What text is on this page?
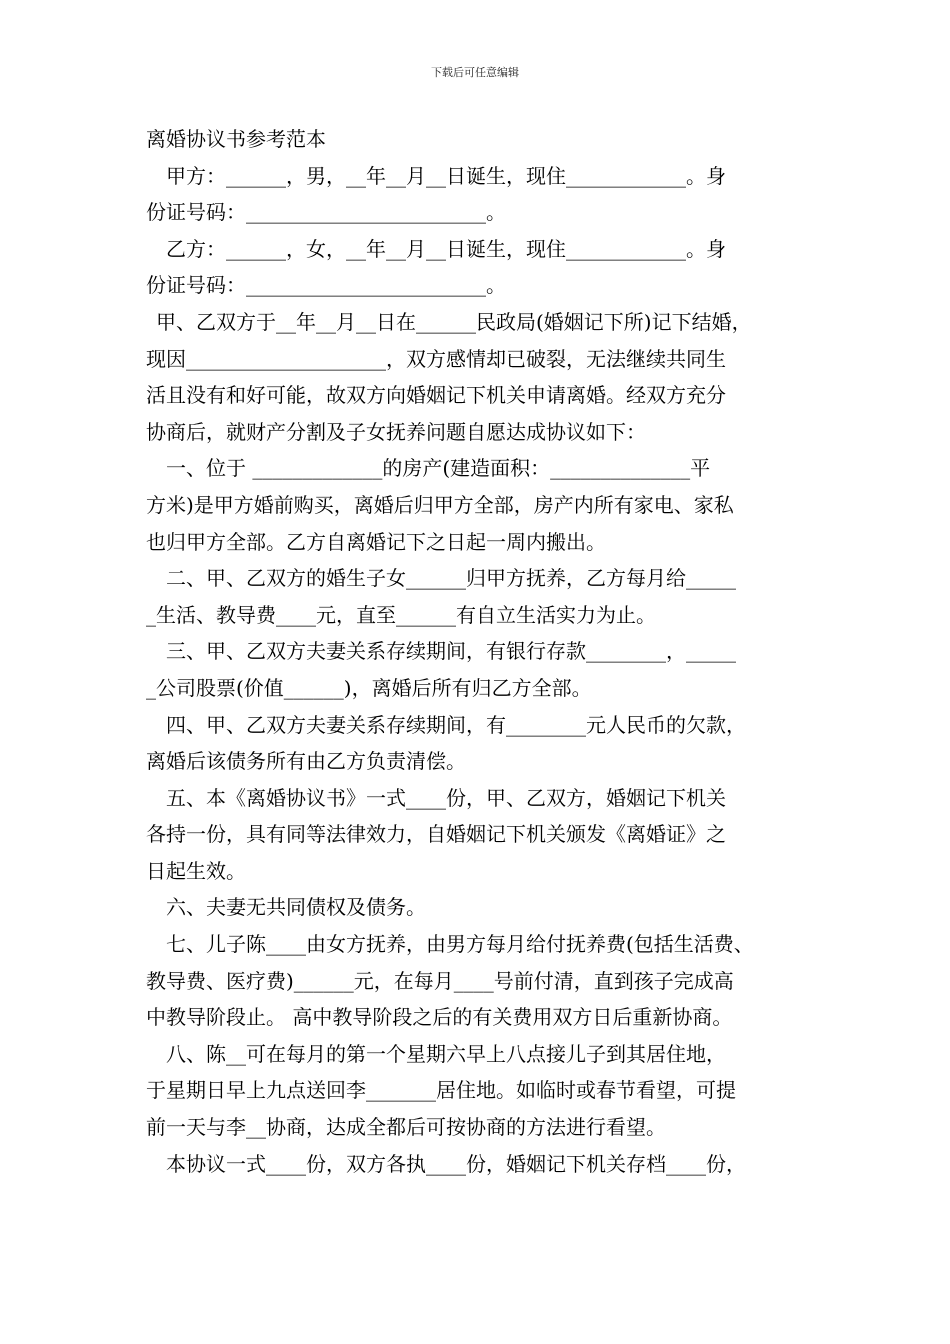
下载后可任意编辑
离婚协议书参考范本
甲方：______，男，__年__月__日诞生，现住____________。身
份证号码：________________________。
乙方：______，女，__年__月__日诞生，现住____________。身
份证号码：________________________。
甲、乙双方于__年__月__日在______民政局(婚姻记下所)记下结婚，
现因____________________，双方感情却已破裂，无法继续共同生
活且没有和好可能，故双方向婚姻记下机关申请离婚。经双方充分
协商后，就财产分割及子女抚养问题自愿达成协议如下：
一、位于 _____________的房产(建造面积：______________平
方米)是甲方婚前购买，离婚后归甲方全部，房产内所有家电、家私
也归甲方全部。乙方自离婚记下之日起一周内搬出。
二、甲、乙双方的婚生子女______归甲方抚养，乙方每月给_____
_生活、教导费____元，直至______有自立生活实力为止。
三、甲、乙双方夫妻关系存续期间，有银行存款________，_____
_公司股票(价值______)，离婚后所有归乙方全部。
四、甲、乙双方夫妻关系存续期间，有________元人民币的欠款，
离婚后该债务所有由乙方负责清偿。
五、本《离婚协议书》一式____份，甲、乙双方，婚姻记下机关
各持一份，具有同等法律效力，自婚姻记下机关颁发《离婚证》之
日起生效。
六、夫妻无共同债权及债务。
七、儿子陈____由女方抚养，由男方每月给付抚养费(包括生活费、
教导费、医疗费)______元，在每月____号前付清，直到孩子完成高
中教导阶段止。 高中教导阶段之后的有关费用双方日后重新协商。
八、陈__可在每月的第一个星期六早上八点接儿子到其居住地，
于星期日早上九点送回李_______居住地。如临时或春节看望，可提
前一天与李__协商，达成全都后可按协商的方法进行看望。
本协议一式____份，双方各执____份，婚姻记下机关存档____份，
